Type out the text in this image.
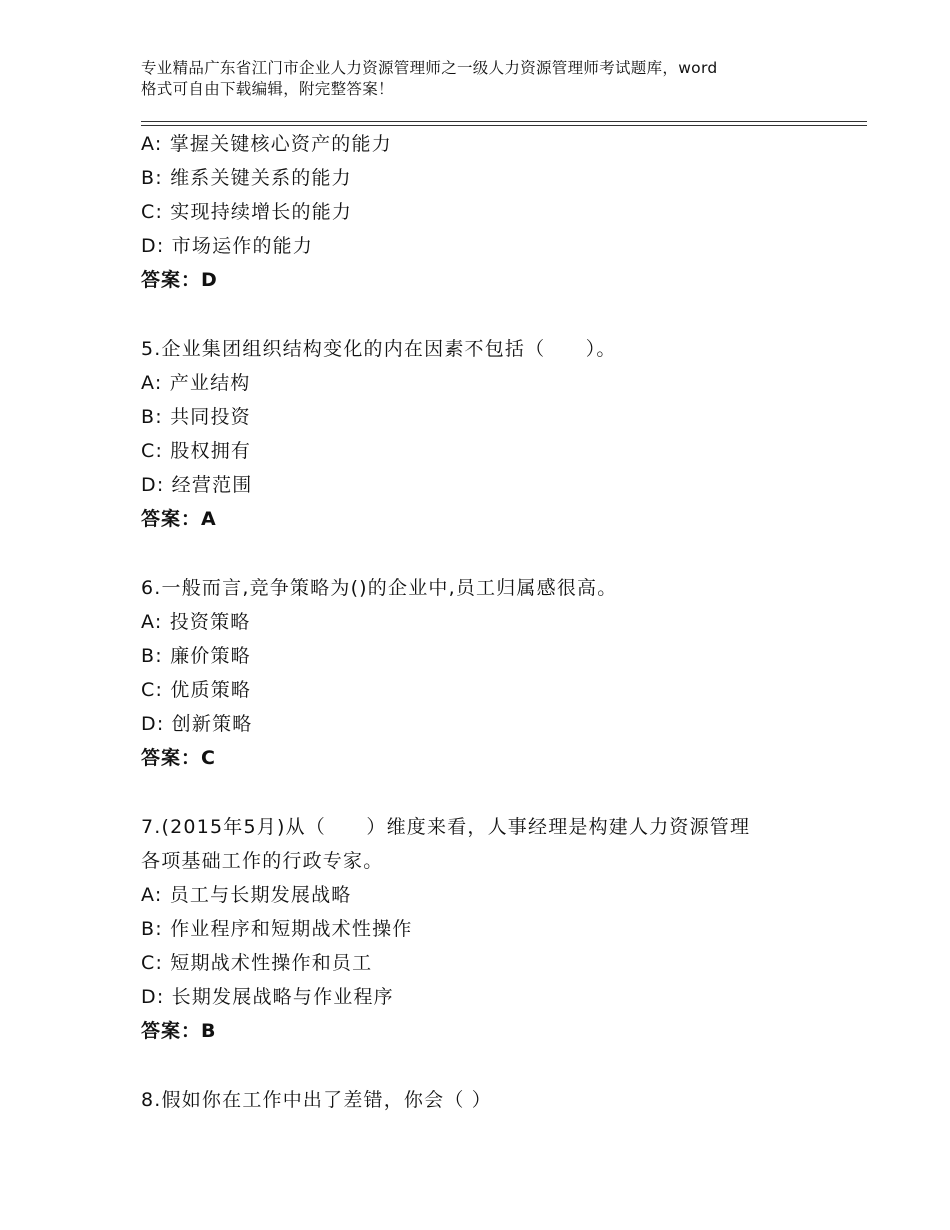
专业精品广东省江门市企业人力资源管理师之一级人力资源管理师考试题库，word
格式可自由下载编辑，附完整答案！
A: 掌握关键核心资产的能力
B: 维系关键关系的能力
C: 实现持续增长的能力
D: 市场运作的能力
答案：D
5.企业集团组织结构变化的内在因素不包括（　　）。
A: 产业结构
B: 共同投资
C: 股权拥有
D: 经营范围
答案：A
6.一般而言,竞争策略为()的企业中,员工归属感很高。
A: 投资策略
B: 廉价策略
C: 优质策略
D: 创新策略
答案：C
7.(2015年5月)从（　　）维度来看，人事经理是构建人力资源管理
各项基础工作的行政专家。
A: 员工与长期发展战略
B: 作业程序和短期战术性操作
C: 短期战术性操作和员工
D: 长期发展战略与作业程序
答案：B
8.假如你在工作中出了差错，你会（ ）
